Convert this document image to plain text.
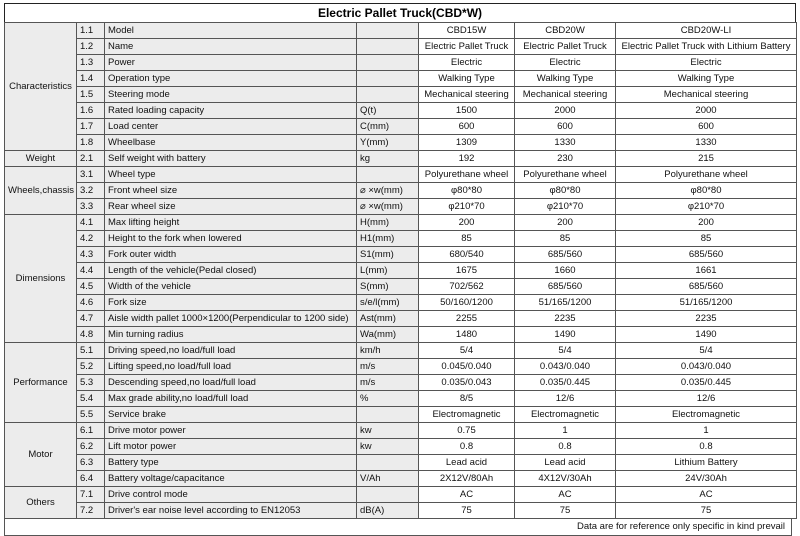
Electric Pallet Truck(CBD*W)
Characteristics	1.1	Model		CBD15W	CBD20W	CBD20W-LI
	1.2	Name		Electric Pallet Truck	Electric Pallet Truck	Electric Pallet Truck with Lithium Battery
	1.3	Power		Electric	Electric	Electric
	1.4	Operation type		Walking Type	Walking Type	Walking Type
	1.5	Steering mode		Mechanical steering	Mechanical steering	Mechanical steering
	1.6	Rated loading capacity	Q(t)	1500	2000	2000
	1.7	Load center	C(mm)	600	600	600
	1.8	Wheelbase	Y(mm)	1309	1330	1330
Weight	2.1	Self weight with battery	kg	192	230	215
Wheels,chassis	3.1	Wheel type		Polyurethane wheel	Polyurethane wheel	Polyurethane wheel
	3.2	Front wheel size	⌀ ×w(mm)	φ80*80	φ80*80	φ80*80
	3.3	Rear wheel size	⌀ ×w(mm)	φ210*70	φ210*70	φ210*70
Dimensions	4.1	Max lifting height	H(mm)	200	200	200
	4.2	Height to the fork when lowered	H1(mm)	85	85	85
	4.3	Fork outer width	S1(mm)	680/540	685/560	685/560
	4.4	Length of the vehicle(Pedal closed)	L(mm)	1675	1660	1661
	4.5	Width of the vehicle	S(mm)	702/562	685/560	685/560
	4.6	Fork size	s/e/l(mm)	50/160/1200	51/165/1200	51/165/1200
	4.7	Aisle width pallet 1000×1200(Perpendicular to 1200 side)	Ast(mm)	2255	2235	2235
	4.8	Min turning radius	Wa(mm)	1480	1490	1490
Performance	5.1	Driving speed,no load/full load	km/h	5/4	5/4	5/4
	5.2	Lifting speed,no load/full load	m/s	0.045/0.040	0.043/0.040	0.043/0.040
	5.3	Descending speed,no load/full load	m/s	0.035/0.043	0.035/0.445	0.035/0.445
	5.4	Max grade ability,no load/full load	%	8/5	12/6	12/6
	5.5	Service brake		Electromagnetic	Electromagnetic	Electromagnetic
Motor	6.1	Drive motor power	kw	0.75	1	1
	6.2	Lift motor power	kw	0.8	0.8	0.8
	6.3	Battery type		Lead acid	Lead acid	Lithium Battery
	6.4	Battery voltage/capacitance	V/Ah	2X12V/80Ah	4X12V/30Ah	24V/30Ah
Others	7.1	Drive control mode		AC	AC	AC
	7.2	Driver's ear noise level according to EN12053	dB(A)	75	75	75
Data are for reference only specific in kind prevail
